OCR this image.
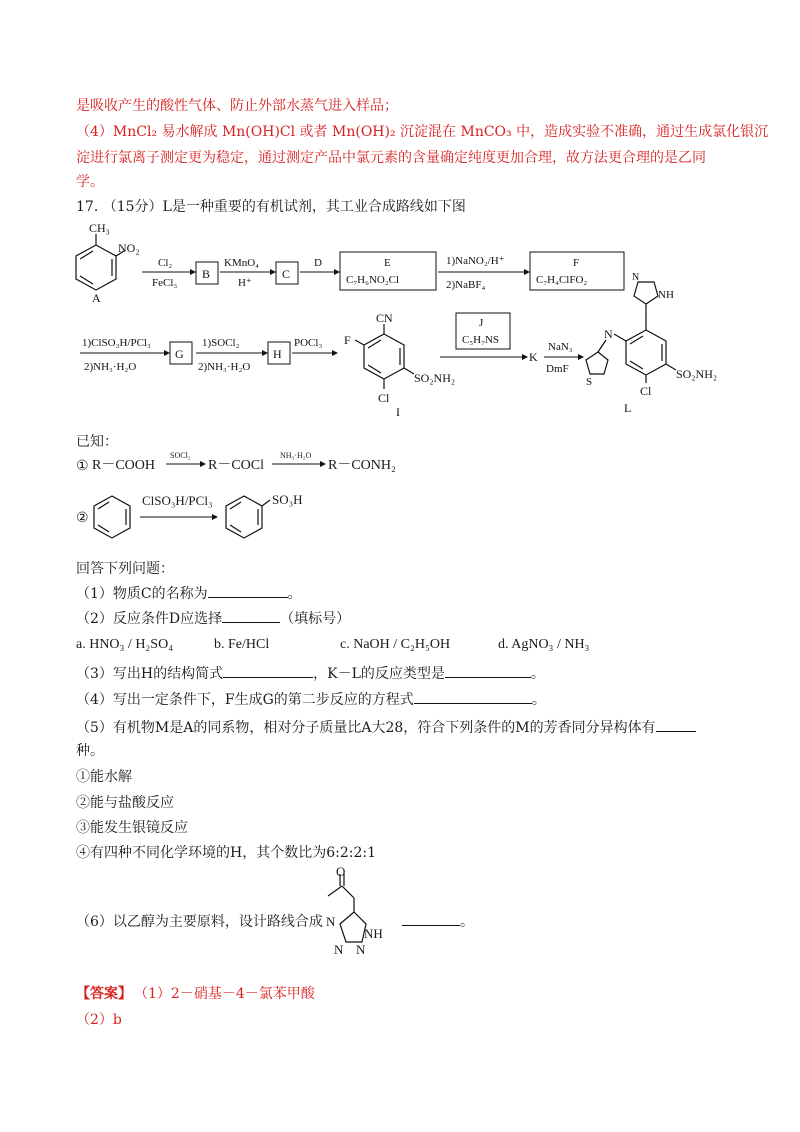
是吸收产生的酸性气体、防止外部水蒸气进入样品；
（4）MnCl₂ 易水解成 Mn(OH)Cl 或者 Mn(OH)₂ 沉淀混在 MnCO₃ 中，造成实验不准确，通过生成氯化银沉
淀进行氯离子测定更为稳定，通过测定产品中氯元素的含量确定纯度更加合理，故方法更合理的是乙同
学。
17. （15分）L是一种重要的有机试剂，其工业合成路线如下图
CH₃
NO₂
A
Cl₂
FeCl₃
B
KMnO₄
H⁺
C
D	E
C₇H₆NO₂Cl
1)NaNO₂/H⁺
2)NaBF₄
F
C₇H₄ClFO₂
1)ClSO₃H/PCl₃
2)NH₃·H₂O
G
1)SOCl₂
2)NH₃·H₂O
H
POCl₃
CN
F
Cl
SO₂NH₂
I
J
C₅H₇NS
K
NaN₃
DmF
N
NH
N
S
Cl
SO₂NH₂
L
已知：
① R－COOH
SOCl₂
R－COCl
NH₃·H₂O
R－CONH₂
②
ClSO₃H/PCl₃	SO₃H
回答下列问题：
（1）物质C的名称为	。
（2）反应条件D应选择	（填标号）
a. HNO₃ / H₂SO₄	b. Fe/HCl	c. NaOH / C₂H₅OH	d. AgNO₃ / NH₃
（3）写出H的结构简式	，K－L的反应类型是	。
（4）写出一定条件下，F生成G的第二步反应的方程式	。
（5）有机物M是A的同系物，相对分子质量比A大28，符合下列条件的M的芳香同分异构体有
种。
①能水解
②能与盐酸反应
③能发生银镜反应
④有四种不同化学环境的H，其个数比为6:2:2:1
（6）以乙醇为主要原料，设计路线合成
O
NH
N
N N
。
【答案】 （1）2－硝基－4－氯苯甲酸
（2）b
